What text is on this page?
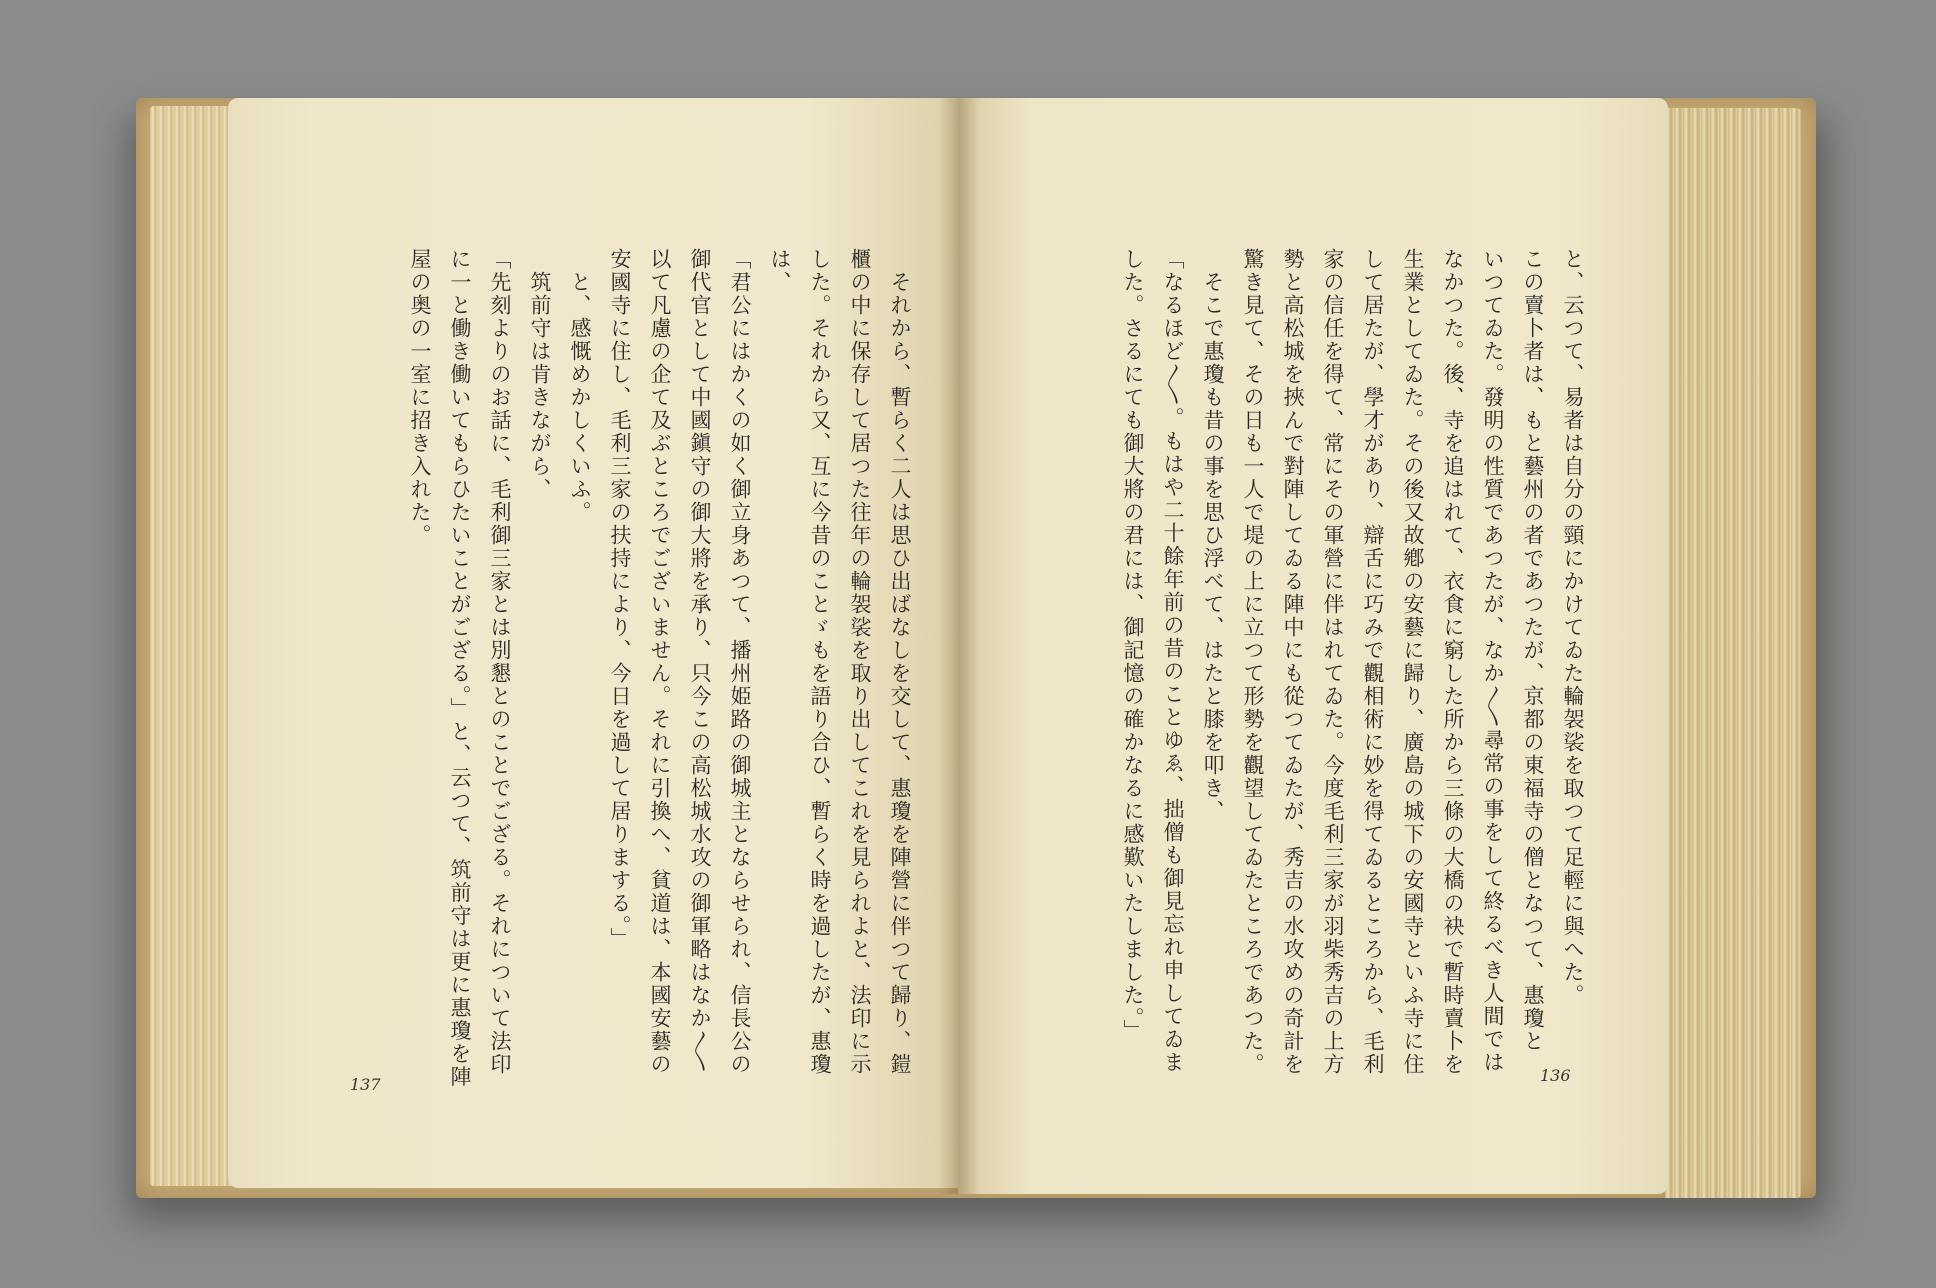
　それから、暫らく二人は思ひ出ばなしを交して、惠瓊を陣營に伴つて歸り、鎧

櫃の中に保存して居つた往年の輪袈裟を取り出してこれを見られよと、法印に示

した。それから又、互に今昔のことゞもを語り合ひ、暫らく時を過したが、惠瓊

は、

「君公にはかくの如く御立身あつて、播州姫路の御城主とならせられ、信長公の

御代官として中國鎭守の御大將を承り、只今この高松城水攻の御軍略はなか〳〵

以て凡慮の企て及ぶところでございません。それに引換へ、貧道は、本國安藝の

安國寺に住し、毛利三家の扶持により、今日を過して居りまする。」

　と、感慨めかしくいふ。

　筑前守は肯きながら、

「先刻よりのお話に、毛利御三家とは別懇とのことでござる。それについて法印

に一と働き働いてもらひたいことがござる。」と、云つて、筑前守は更に惠瓊を陣

屋の奥の一室に招き入れた。

137

と、云つて、易者は自分の頸にかけてゐた輪袈裟を取つて足輕に與へた。

この賣卜者は、もと藝州の者であつたが、京都の東福寺の僧となつて、惠瓊と

いつてゐた。發明の性質であつたが、なか〳〵尋常の事をして終るべき人間では

なかつた。後、寺を追はれて、衣食に窮した所から三條の大橋の袂で暫時賣卜を

生業としてゐた。その後又故鄕の安藝に歸り、廣島の城下の安國寺といふ寺に住

して居たが、學才があり、辯舌に巧みで觀相術に妙を得てゐるところから、毛利

家の信任を得て、常にその軍營に伴はれてゐた。今度毛利三家が羽柴秀吉の上方

勢と高松城を挾んで對陣してゐる陣中にも從つてゐたが、秀吉の水攻めの奇計を

驚き見て、その日も一人で堤の上に立つて形勢を觀望してゐたところであつた。

　そこで惠瓊も昔の事を思ひ浮べて、はたと膝を叩き、

「なるほど〳〵。もはや二十餘年前の昔のことゆゑ、拙僧も御見忘れ申してゐま

した。さるにても御大將の君には、御記憶の確かなるに感歎いたしました。」

136
